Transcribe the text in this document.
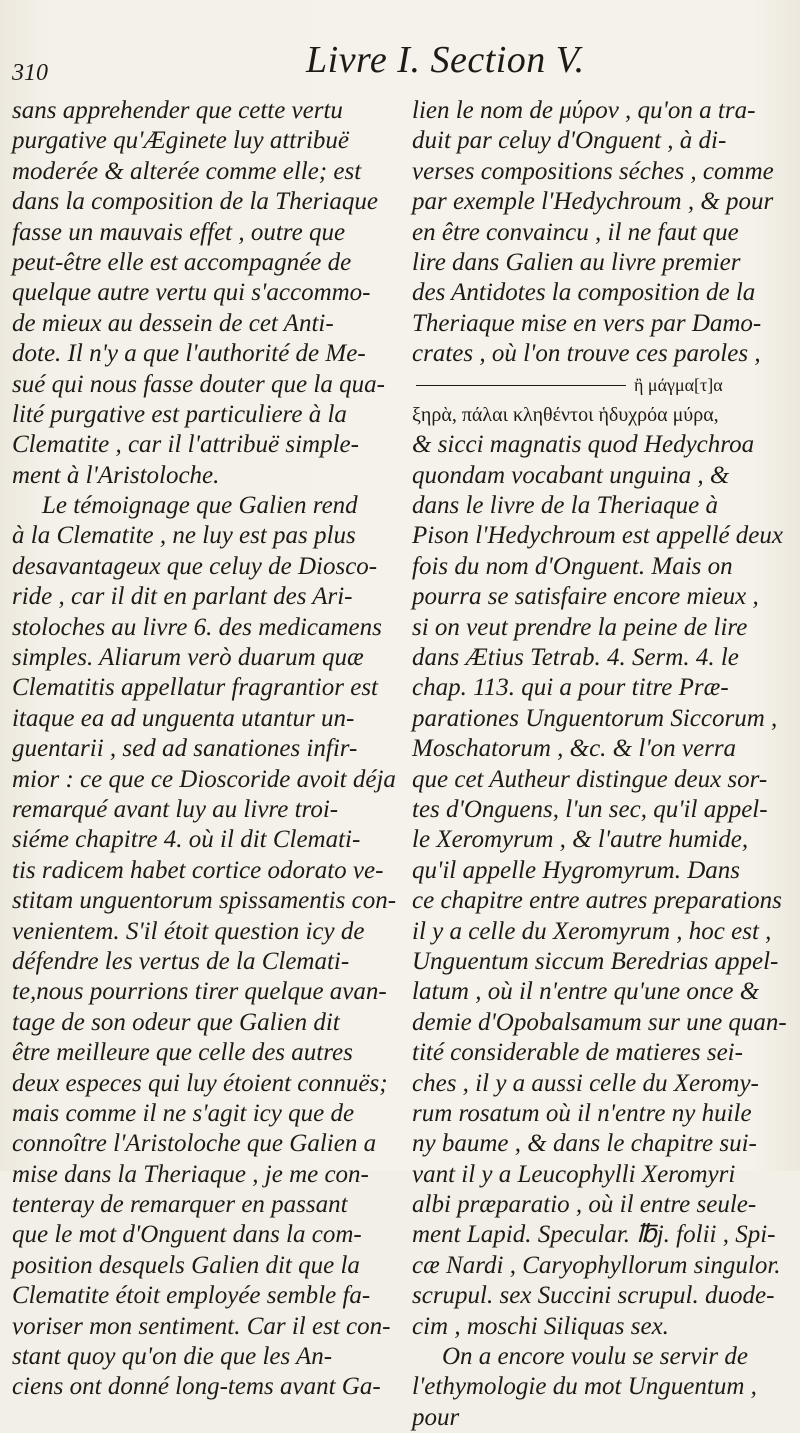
310	Livre I. Section V.
sans apprehender que cette vertu
purgative qu'Æginete luy attribuë
moderée & alterée comme elle; est
dans la composition de la Theriaque
fasse un mauvais effet , outre que
peut-être elle est accompagnée de
quelque autre vertu qui s'accommo-
de mieux au dessein de cet Anti-
dote. Il n'y a que l'authorité de Me-
sué qui nous fasse douter que la qua-
lité purgative est particuliere à la
Clematite , car il l'attribuë simple-
ment à l'Aristoloche.
Le témoignage que Galien rend
à la Clematite , ne luy est pas plus
desavantageux que celuy de Diosco-
ride , car il dit en parlant des Ari-
stoloches au livre 6. des medicamens
simples. Aliarum verò duarum quæ
Clematitis appellatur fragrantior est
itaque ea ad unguenta utantur un-
guentarii , sed ad sanationes infir-
mior : ce que ce Dioscoride avoit déja
remarqué avant luy au livre troi-
siéme chapitre 4. où il dit Clemati-
tis radicem habet cortice odorato ve-
stitam unguentorum spissamentis con-
venientem. S'il étoit question icy de
défendre les vertus de la Clemati-
te,nous pourrions tirer quelque avan-
tage de son odeur que Galien dit
être meilleure que celle des autres
deux especes qui luy étoient connuës;
mais comme il ne s'agit icy que de
connoître l'Aristoloche que Galien a
mise dans la Theriaque , je me con-
tenteray de remarquer en passant
que le mot d'Onguent dans la com-
position desquels Galien dit que la
Clematite étoit employée semble fa-
voriser mon sentiment. Car il est con-
stant quoy qu'on die que les An-
ciens ont donné long-tems avant Ga-
lien le nom de μύρον , qu'on a tra-
duit par celuy d'Onguent , à di-
verses compositions séches , comme
par exemple l'Hedychroum , & pour
en être convaincu , il ne faut que
lire dans Galien au livre premier
des Antidotes la composition de la
Theriaque mise en vers par Damo-
crates , où l'on trouve ces paroles ,
ἢ μάγμα[τ]α
ξηρὰ, πάλαι κληθέντοι ἡδυχρόα μύρα,
& sicci magnatis quod Hedychroa
quondam vocabant unguina , &
dans le livre de la Theriaque à
Pison l'Hedychroum est appellé deux
fois du nom d'Onguent. Mais on
pourra se satisfaire encore mieux ,
si on veut prendre la peine de lire
dans Ætius Tetrab. 4. Serm. 4. le
chap. 113. qui a pour titre Præ-
parationes Unguentorum Siccorum ,
Moschatorum , &c. & l'on verra
que cet Autheur distingue deux sor-
tes d'Onguens, l'un sec, qu'il appel-
le Xeromyrum , & l'autre humide,
qu'il appelle Hygromyrum. Dans
ce chapitre entre autres preparations
il y a celle du Xeromyrum , hoc est ,
Unguentum siccum Beredrias appel-
latum , où il n'entre qu'une once &
demie d'Opobalsamum sur une quan-
tité considerable de matieres sei-
ches , il y a aussi celle du Xeromy-
rum rosatum où il n'entre ny huile
ny baume , & dans le chapitre sui-
vant il y a Leucophylli Xeromyri
albi præparatio , où il entre seule-
ment Lapid. Specular. ℔j. folii , Spi-
cæ Nardi , Caryophyllorum singulor.
scrupul. sex Succini scrupul. duode-
cim , moschi Siliquas sex.
On a encore voulu se servir de
l'ethymologie du mot Unguentum ,
pour
